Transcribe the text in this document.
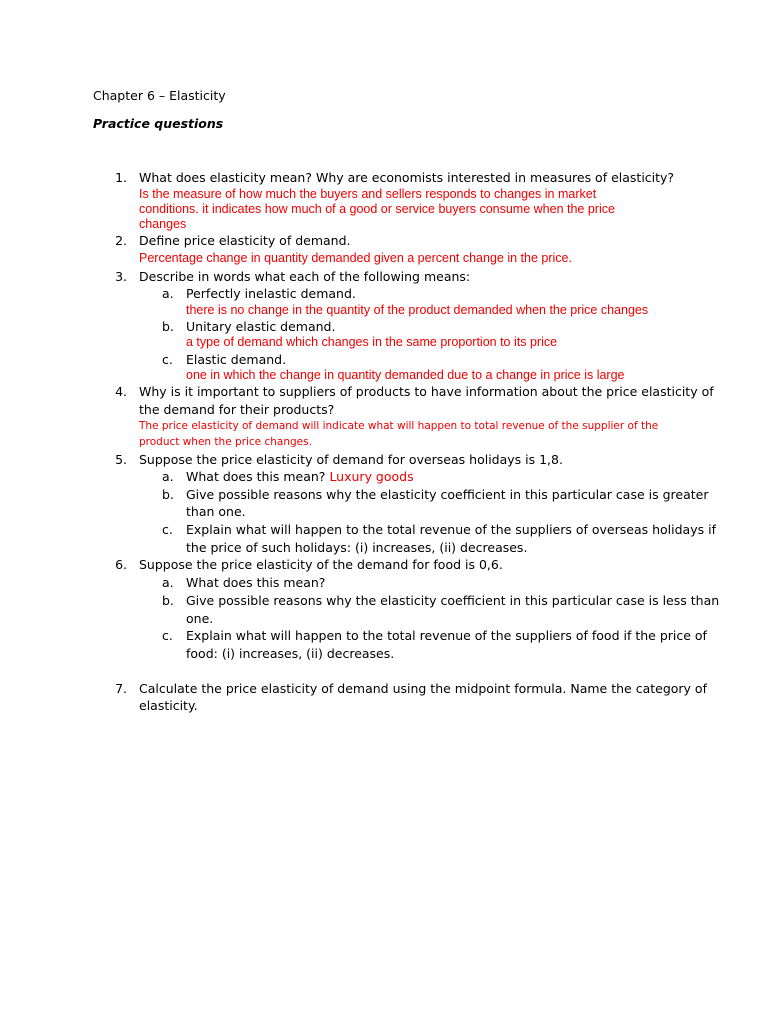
Chapter 6 – Elasticity
Practice questions
1. What does elasticity mean? Why are economists interested in measures of elasticity?
Is the measure of how much the buyers and sellers responds to changes in market
conditions. it indicates how much of a good or service buyers consume when the price
changes
2. Define price elasticity of demand.
Percentage change in quantity demanded given a percent change in the price.
3. Describe in words what each of the following means:
a. Perfectly inelastic demand.
there is no change in the quantity of the product demanded when the price changes
b. Unitary elastic demand.
a type of demand which changes in the same proportion to its price
c. Elastic demand.
one in which the change in quantity demanded due to a change in price is large
4. Why is it important to suppliers of products to have information about the price elasticity of
the demand for their products?
The price elasticity of demand will indicate what will happen to total revenue of the supplier of the
product when the price changes.
5. Suppose the price elasticity of demand for overseas holidays is 1,8.
a. What does this mean? Luxury goods
b. Give possible reasons why the elasticity coefficient in this particular case is greater
than one.
c. Explain what will happen to the total revenue of the suppliers of overseas holidays if
the price of such holidays: (i) increases, (ii) decreases.
6. Suppose the price elasticity of the demand for food is 0,6.
a. What does this mean?
b. Give possible reasons why the elasticity coefficient in this particular case is less than
one.
c. Explain what will happen to the total revenue of the suppliers of food if the price of
food: (i) increases, (ii) decreases.
7. Calculate the price elasticity of demand using the midpoint formula. Name the category of
elasticity.
